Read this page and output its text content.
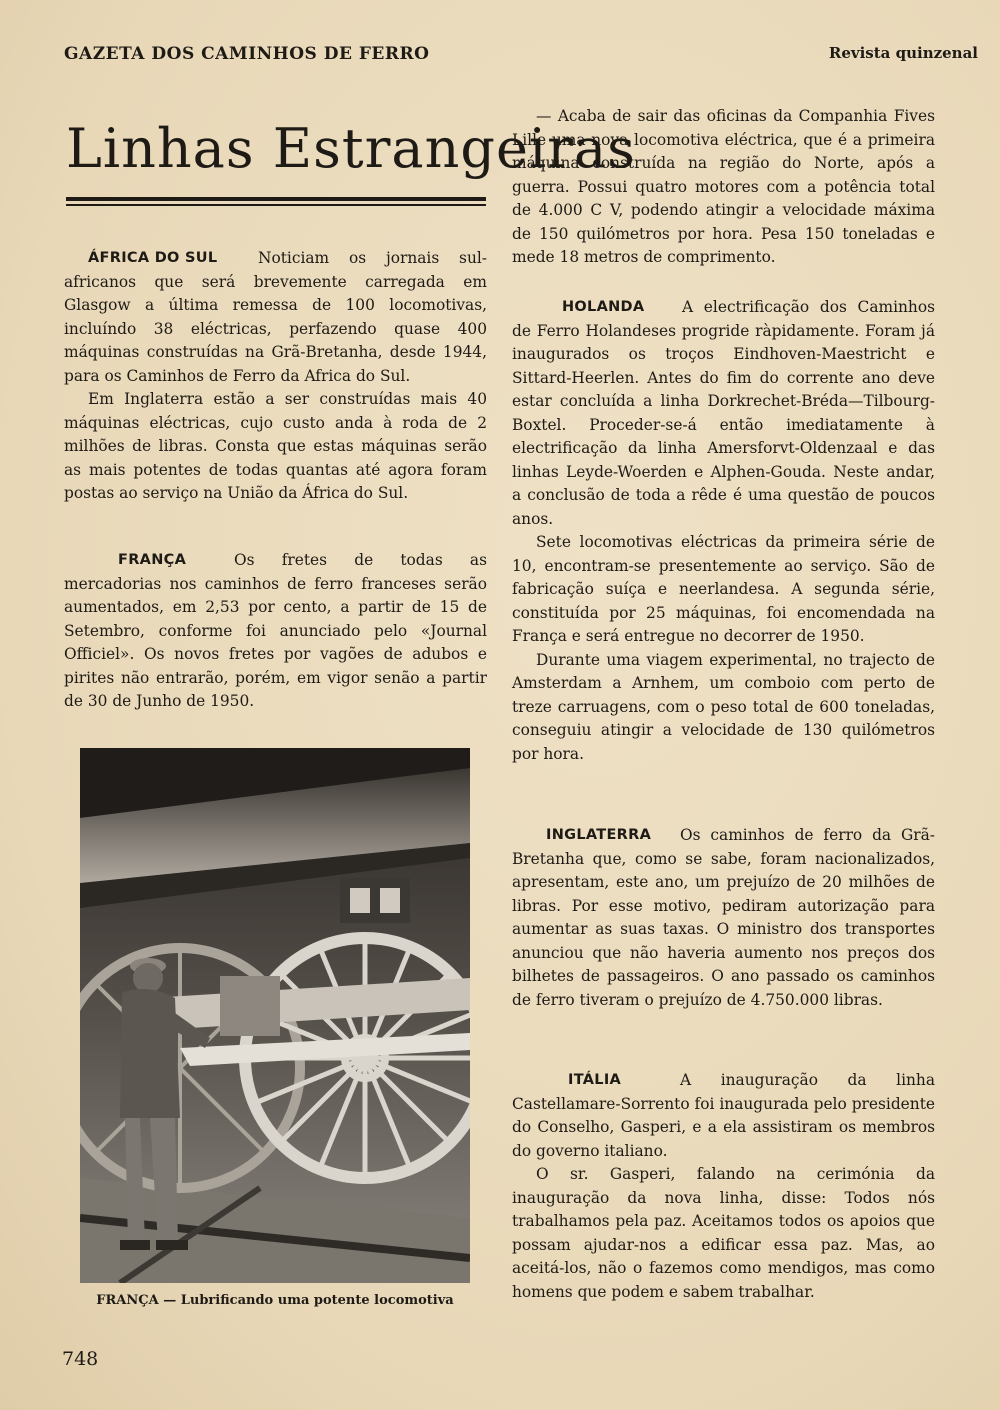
GAZETA DOS CAMINHOS DE FERRO	Revista quinzenal
Linhas Estrangeiras

ÁFRICA DO SUL	Noticiam os jornais sul-africanos que será brevemente carregada em Glasgow a última remessa de 100 locomotivas, incluíndo 38 eléctricas, perfazendo quase 400 máquinas construídas na Grã-Bretanha, desde 1944, para os Caminhos de Ferro da Africa do Sul.

Em Inglaterra estão a ser construídas mais 40 máquinas eléctricas, cujo custo anda à roda de 2 milhões de libras. Consta que estas máquinas serão as mais potentes de todas quantas até agora foram postas ao serviço na União da África do Sul.

FRANÇA	Os fretes de todas as mercadorias nos caminhos de ferro franceses serão aumentados, em 2,53 por cento, a partir de 15 de Setembro, conforme foi anunciado pelo «Journal Officiel». Os novos fretes por vagões de adubos e pirites não entrarão, porém, em vigor senão a partir de 30 de Junho de 1950.

FRANÇA — Lubrificando uma potente locomotiva

— Acaba de sair das oficinas da Companhia Fives Lille uma nova locomotiva eléctrica, que é a primeira máquina construída na região do Norte, após a guerra. Possui quatro motores com a potência total de 4.000 C V, podendo atingir a velocidade máxima de 150 quilómetros por hora. Pesa 150 toneladas e mede 18 metros de comprimento.

HOLANDA	A electrificação dos Caminhos de Ferro Holandeses progride ràpidamente. Foram já inaugurados os troços Eindhoven-Maestricht e Sittard-Heerlen. Antes do fim do corrente ano deve estar concluída a linha Dorkrechet-Bréda—Tilbourg-Boxtel. Proceder-se-á então imediatamente à electrificação da linha Amersforvt-Oldenzaal e das linhas Leyde-Woerden e Alphen-Gouda. Neste andar, a conclusão de toda a rêde é uma questão de poucos anos.

Sete locomotivas eléctricas da primeira série de 10, encontram-se presentemente ao serviço. São de fabricação suíça e neerlandesa. A segunda série, constituída por 25 máquinas, foi encomendada na França e será entregue no decorrer de 1950.

Durante uma viagem experimental, no trajecto de Amsterdam a Arnhem, um comboio com perto de treze carruagens, com o peso total de 600 toneladas, conseguiu atingir a velocidade de 130 quilómetros por hora.

INGLATERRA	Os caminhos de ferro da Grã-Bretanha que, como se sabe, foram nacionalizados, apresentam, este ano, um prejuízo de 20 milhões de libras. Por esse motivo, pediram autorização para aumentar as suas taxas. O ministro dos transportes anunciou que não haveria aumento nos preços dos bilhetes de passageiros. O ano passado os caminhos de ferro tiveram o prejuízo de 4.750.000 libras.

ITÁLIA	A inauguração da linha Castellamare-Sorrento foi inaugurada pelo presidente do Conselho, Gasperi, e a ela assistiram os membros do governo italiano.

O sr. Gasperi, falando na cerimónia da inauguração da nova linha, disse: Todos nós trabalhamos pela paz. Aceitamos todos os apoios que possam ajudar-nos a edificar essa paz. Mas, ao aceitá-los, não o fazemos como mendigos, mas como homens que podem e sabem trabalhar.

748
